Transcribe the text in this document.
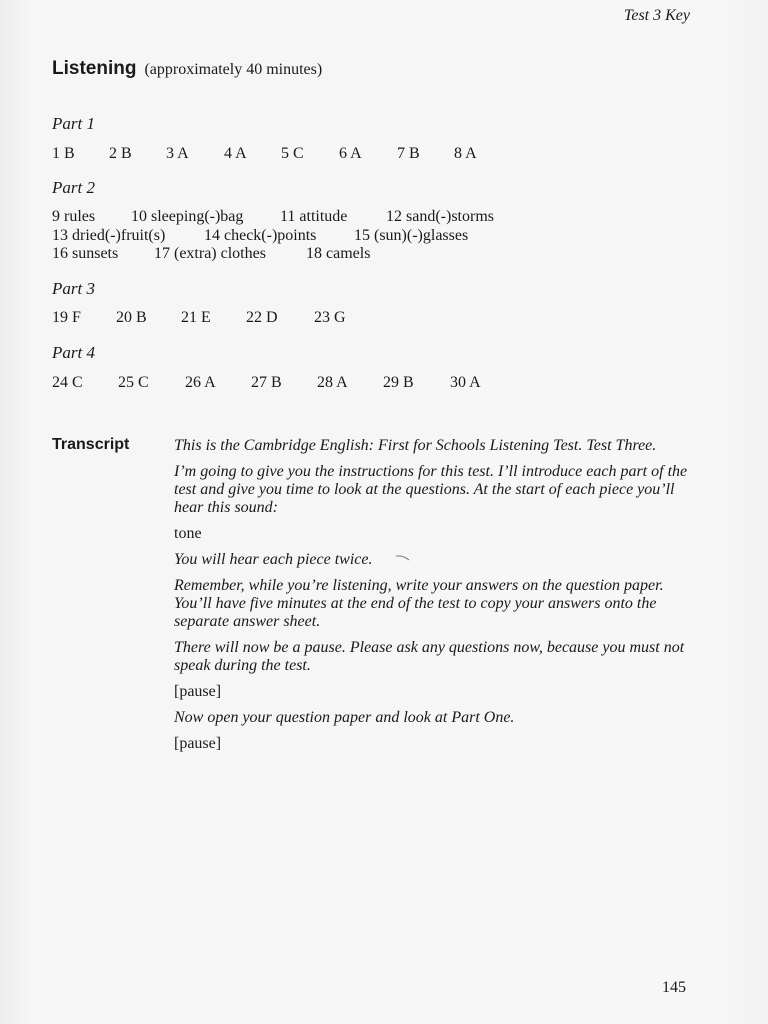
Test 3 Key
Listening (approximately 40 minutes)
Part 1
1 B 2 B 3 A 4 A 5 C 6 A 7 B 8 A
Part 2
9 rules 10 sleeping(-)bag 11 attitude 12 sand(-)storms
13 dried(-)fruit(s) 14 check(-)points 15 (sun)(-)glasses
16 sunsets 17 (extra) clothes	18 camels
Part 3
19 F 20 B 21 E 22 D 23 G
Part 4
24 C 25 C 26 A 27 B 28 A 29 B 30 A
Transcript	This is the Cambridge English: First for Schools Listening Test. Test Three.

I’m going to give you the instructions for this test. I’ll introduce each part of the test and give you time to look at the questions. At the start of each piece you’ll hear this sound:

tone

You will hear each piece twice.

Remember, while you’re listening, write your answers on the question paper. You’ll have five minutes at the end of the test to copy your answers onto the separate answer sheet.

There will now be a pause. Please ask any questions now, because you must not speak during the test.

[pause]

Now open your question paper and look at Part One.

[pause]

145
